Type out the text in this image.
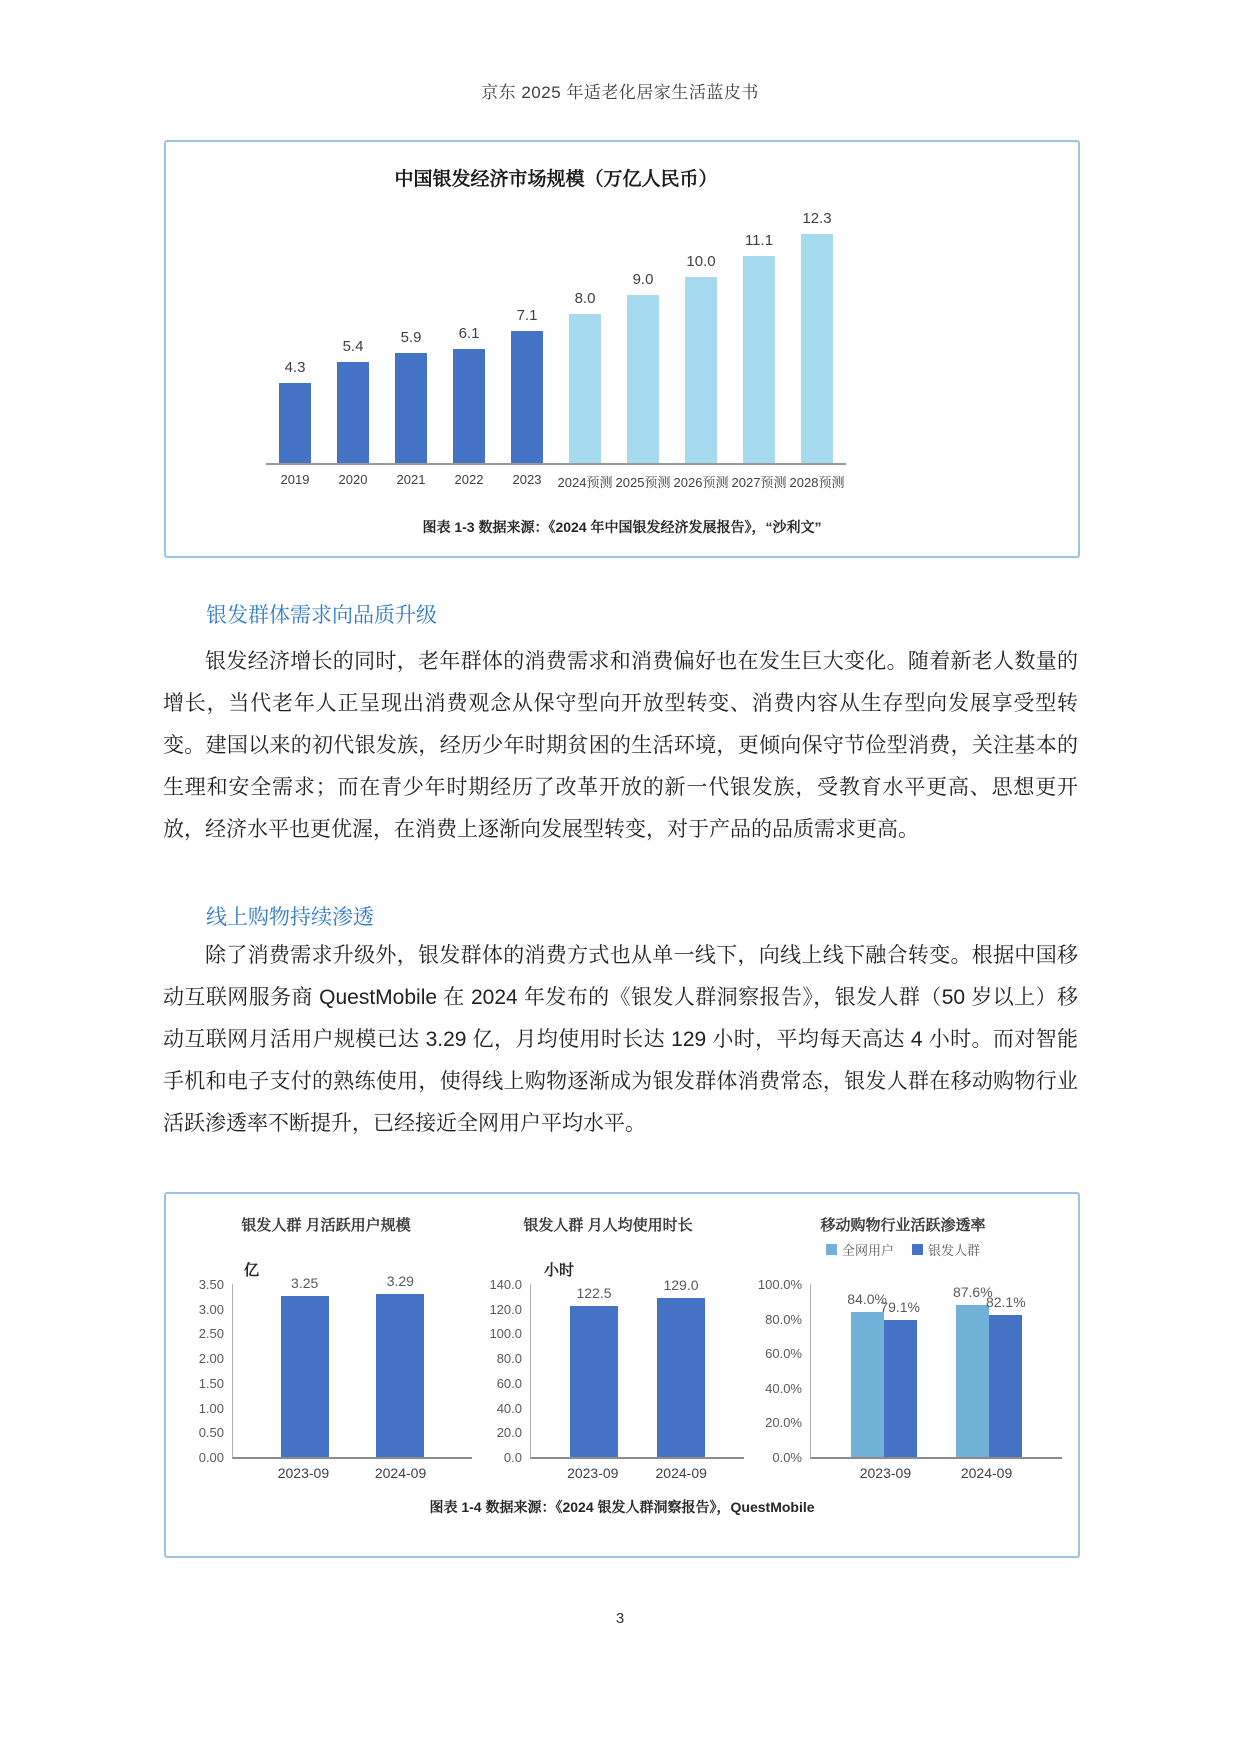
京东 2025 年适老化居家生活蓝皮书
中国银发经济市场规模（万亿人民币）
4.3
5.4
5.9 6.1
7.1
8.0
9.0
10.0
11.1
12.3
2019	2020	2021	2022	2023	2024预测 2025预测 2026预测 2027预测 2028预测
图表 1-3 数据来源：《2024 年中国银发经济发展报告》，“沙利文”
银发群体需求向品质升级

银发经济增长的同时，老年群体的消费需求和消费偏好也在发生巨大变化。随着新老人数量的增长，当代老年人正呈现出消费观念从保守型向开放型转变、消费内容从生存型向发展享受型转变。建国以来的初代银发族，经历少年时期贫困的生活环境，更倾向保守节俭型消费，关注基本的生理和安全需求；而在青少年时期经历了改革开放的新一代银发族，受教育水平更高、思想更开放，经济水平也更优渥，在消费上逐渐向发展型转变，对于产品的品质需求更高。

线上购物持续渗透

除了消费需求升级外，银发群体的消费方式也从单一线下，向线上线下融合转变。根据中国移动互联网服务商 QuestMobile 在 2024 年发布的《银发人群洞察报告》，银发人群（50 岁以上）移动互联网月活用户规模已达 3.29 亿，月均使用时长达 129 小时，平均每天高达 4 小时。而对智能手机和电子支付的熟练使用，使得线上购物逐渐成为银发群体消费常态，银发人群在移动购物行业活跃渗透率不断提升，已经接近全网用户平均水平。

银发人群 月活跃用户规模
亿
3.50
3.00
2.50
2.00
1.50
1.00
0.50
0.00
3.25	3.29
2023-09	2024-09
银发人群 月人均使用时长
小时
140.0
120.0
100.0
80.0
60.0
40.0
20.0
0.0
122.5	129.0
2023-09	2024-09
移动购物行业活跃渗透率
全网用户	银发人群
100.0%
80.0%
60.0%
40.0%
20.0%
0.0%
84.0%
79.1%
87.6%
82.1%
2023-09	2024-09
图表 1-4 数据来源：《2024 银发人群洞察报告》，QuestMobile
3
